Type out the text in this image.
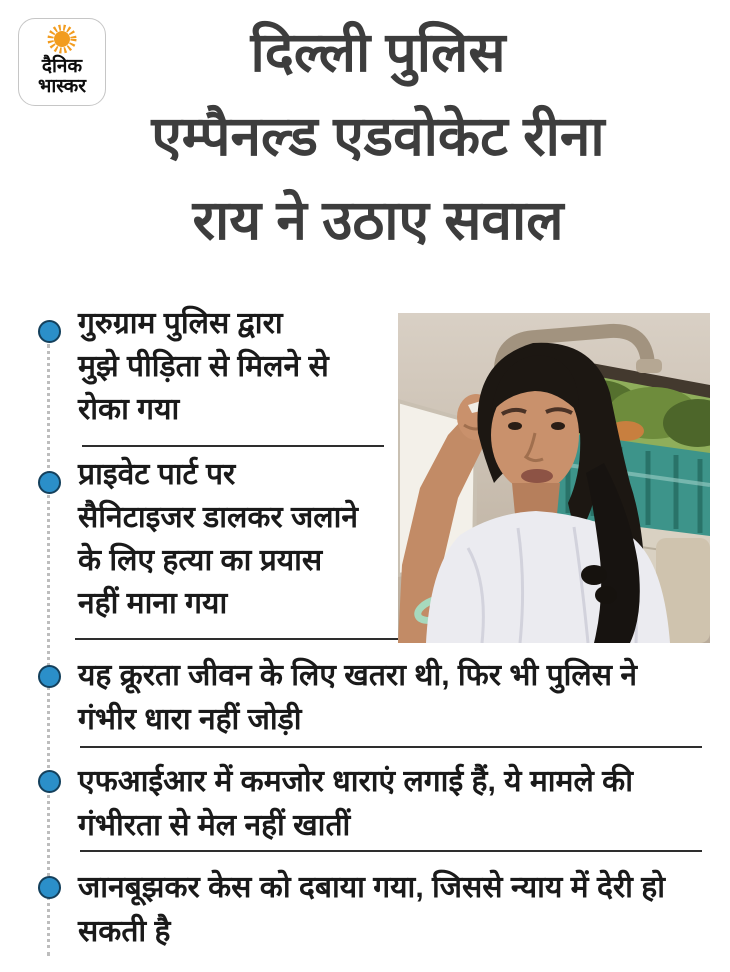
दैनिक
भास्कर
दिल्ली पुलिस
एम्पैनल्ड एडवोकेट रीना
राय ने उठाए सवाल
गुरुग्राम पुलिस द्वारा
मुझे पीड़िता से मिलने से
रोका गया
प्राइवेट पार्ट पर
सैनिटाइजर डालकर जलाने
के लिए हत्या का प्रयास
नहीं माना गया
यह क्रूरता जीवन के लिए खतरा थी, फिर भी पुलिस ने
गंभीर धारा नहीं जोड़ी
एफआईआर में कमजोर धाराएं लगाई हैं, ये मामले की
गंभीरता से मेल नहीं खातीं
जानबूझकर केस को दबाया गया, जिससे न्याय में देरी हो
सकती है
